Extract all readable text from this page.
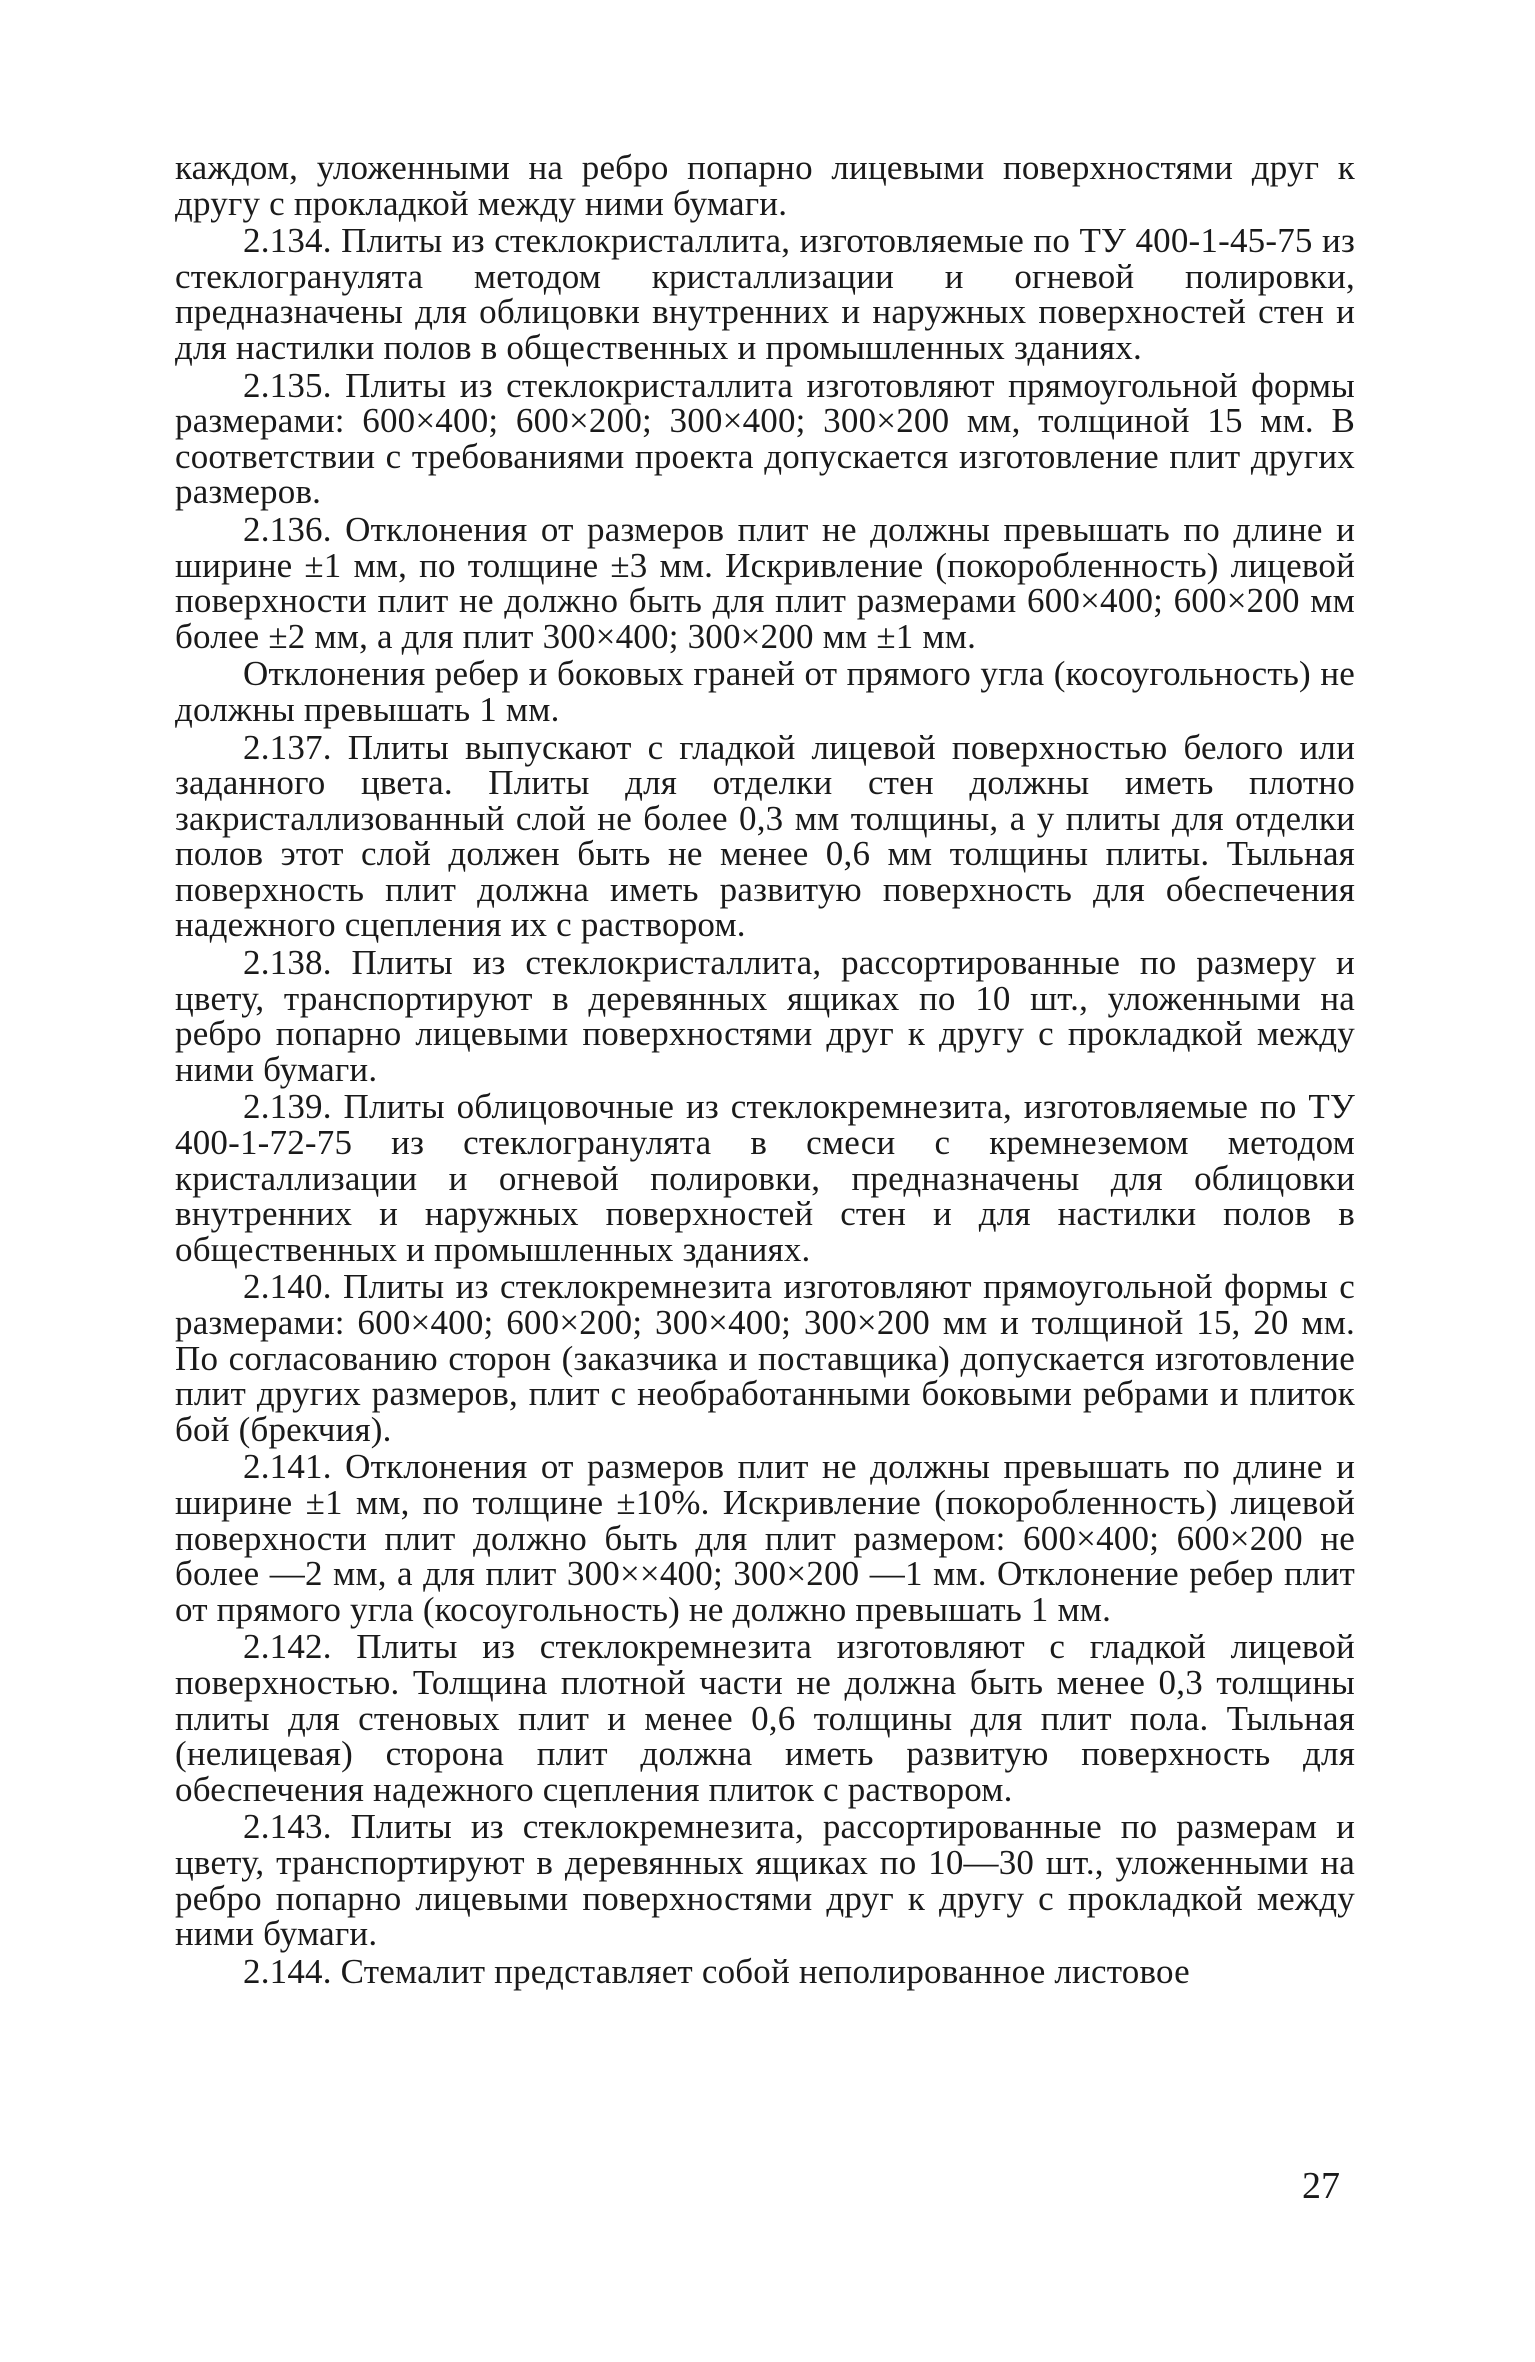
каждом, уложенными на ребро попарно лицевыми поверхностями друг к другу с прокладкой между ними бумаги.

2.134. Плиты из стеклокристаллита, изготовляемые по ТУ 400-1-45-75 из стеклогранулята методом кристаллизации и огневой полировки, предназначены для облицовки внутренних и наружных поверхностей стен и для настилки полов в общественных и промышленных зданиях.

2.135. Плиты из стеклокристаллита изготовляют прямоугольной формы размерами: 600×400; 600×200; 300×400; 300×200 мм, толщиной 15 мм. В соответствии с требованиями проекта допускается изготовление плит других размеров.

2.136. Отклонения от размеров плит не должны превышать по длине и ширине ±1 мм, по толщине ±3 мм. Искривление (покоробленность) лицевой поверхности плит не должно быть для плит размерами 600×400; 600×200 мм более ±2 мм, а для плит 300×400; 300×200 мм ±1 мм.

Отклонения ребер и боковых граней от прямого угла (косоугольность) не должны превышать 1 мм.

2.137. Плиты выпускают с гладкой лицевой поверхностью белого или заданного цвета. Плиты для отделки стен должны иметь плотно закристаллизованный слой не более 0,3 мм толщины, а у плиты для отделки полов этот слой должен быть не менее 0,6 мм толщины плиты. Тыльная поверхность плит должна иметь развитую поверхность для обеспечения надежного сцепления их с раствором.

2.138. Плиты из стеклокристаллита, рассортированные по размеру и цвету, транспортируют в деревянных ящиках по 10 шт., уложенными на ребро попарно лицевыми поверхностями друг к другу с прокладкой между ними бумаги.

2.139. Плиты облицовочные из стеклокремнезита, изготовляемые по ТУ 400-1-72-75 из стеклогранулята в смеси с кремнеземом методом кристаллизации и огневой полировки, предназначены для облицовки внутренних и наружных поверхностей стен и для настилки полов в общественных и промышленных зданиях.

2.140. Плиты из стеклокремнезита изготовляют прямоугольной формы с размерами: 600×400; 600×200; 300×400; 300×200 мм и толщиной 15, 20 мм. По согласованию сторон (заказчика и поставщика) допускается изготовление плит других размеров, плит с необработанными боковыми ребрами и плиток бой (брекчия).

2.141. Отклонения от размеров плит не должны превышать по длине и ширине ±1 мм, по толщине ±10%. Искривление (покоробленность) лицевой поверхности плит должно быть для плит размером: 600×400; 600×200 не более —2 мм, а для плит 300××400; 300×200 —1 мм. Отклонение ребер плит от прямого угла (косоугольность) не должно превышать 1 мм.

2.142. Плиты из стеклокремнезита изготовляют с гладкой лицевой поверхностью. Толщина плотной части не должна быть менее 0,3 толщины плиты для стеновых плит и менее 0,6 толщины для плит пола. Тыльная (нелицевая) сторона плит должна иметь развитую поверхность для обеспечения надежного сцепления плиток с раствором.

2.143. Плиты из стеклокремнезита, рассортированные по размерам и цвету, транспортируют в деревянных ящиках по 10—30 шт., уложенными на ребро попарно лицевыми поверхностями друг к другу с прокладкой между ними бумаги.

2.144. Стемалит представляет собой неполированное листовое

27
